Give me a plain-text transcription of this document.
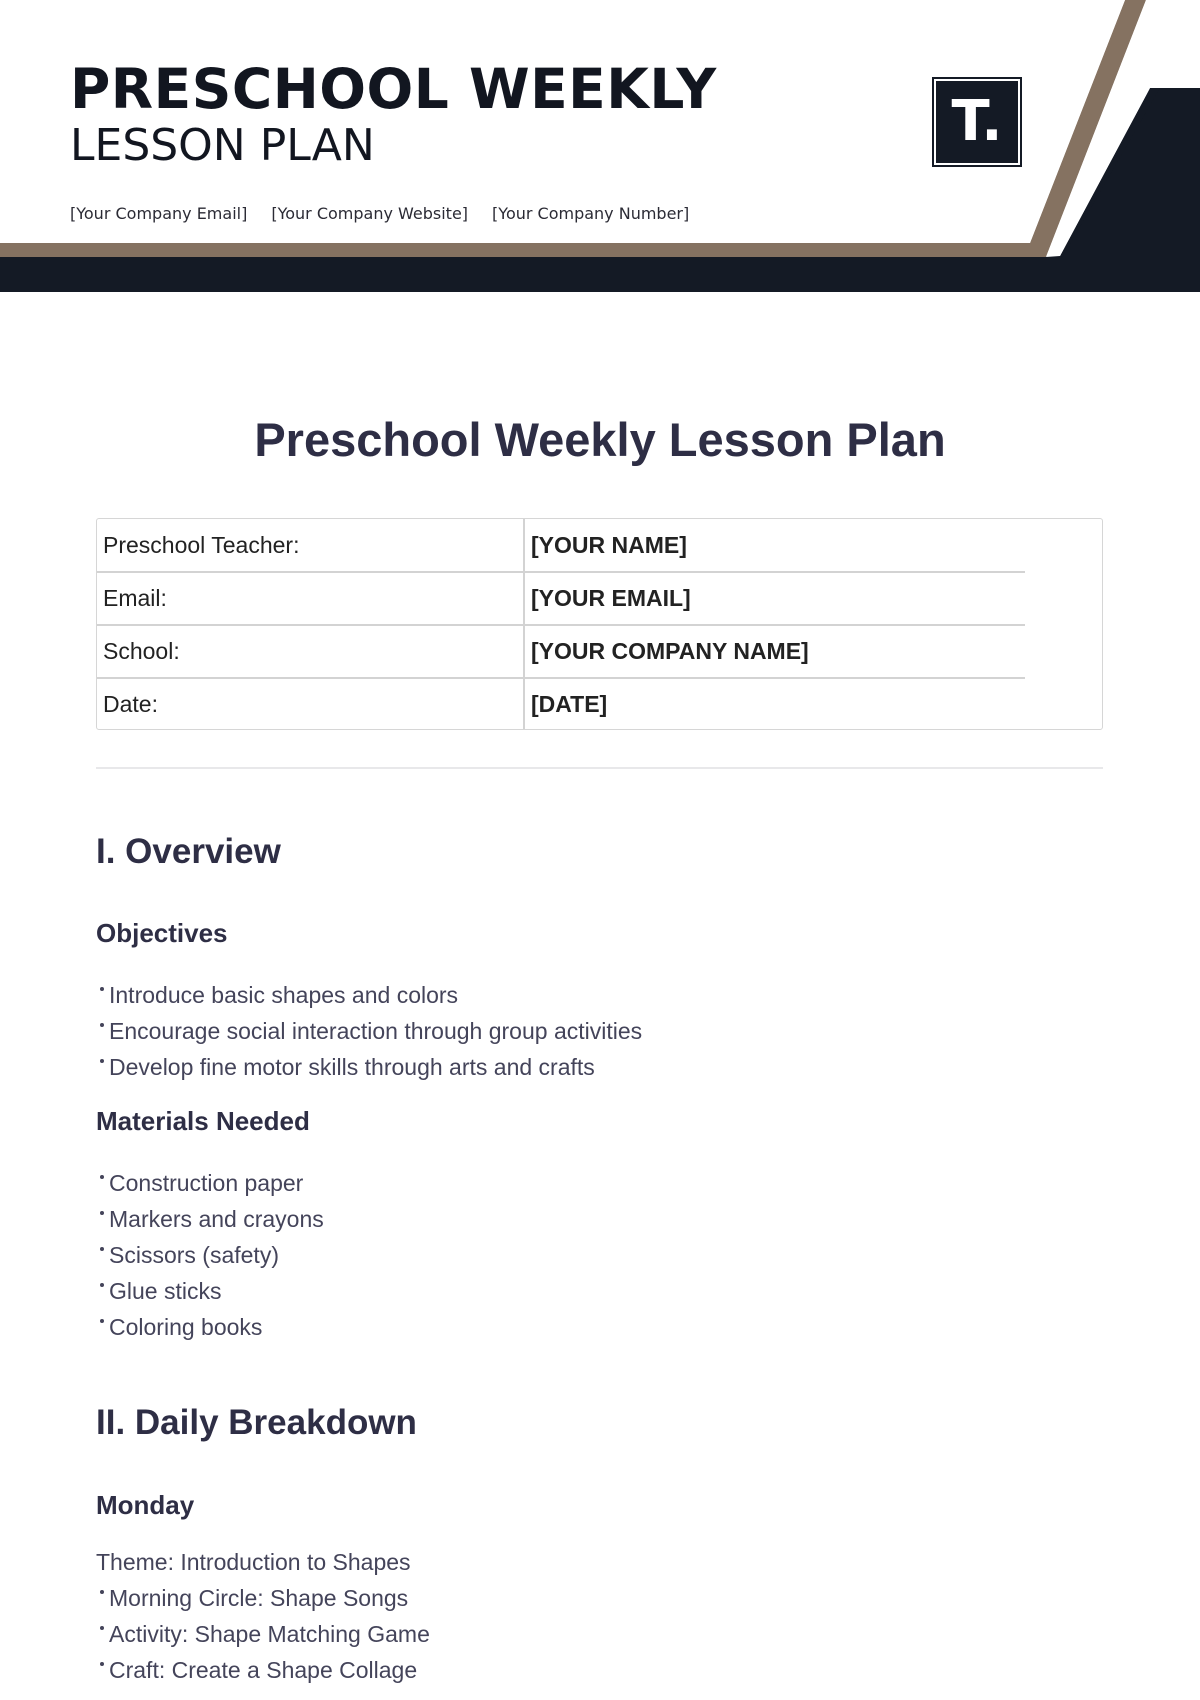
PRESCHOOL WEEKLY
LESSON PLAN
[Your Company Email] [Your Company Website] [Your Company Number]
T.
Preschool Weekly Lesson Plan
Preschool Teacher:	[YOUR NAME]
Email:	[YOUR EMAIL]
School:	[YOUR COMPANY NAME]
Date:	[DATE]
I. Overview
Objectives
Introduce basic shapes and colors
Encourage social interaction through group activities
Develop fine motor skills through arts and crafts
Materials Needed
Construction paper
Markers and crayons
Scissors (safety)
Glue sticks
Coloring books
II. Daily Breakdown
Monday

Theme: Introduction to Shapes

Morning Circle: Shape Songs
Activity: Shape Matching Game
Craft: Create a Shape Collage
